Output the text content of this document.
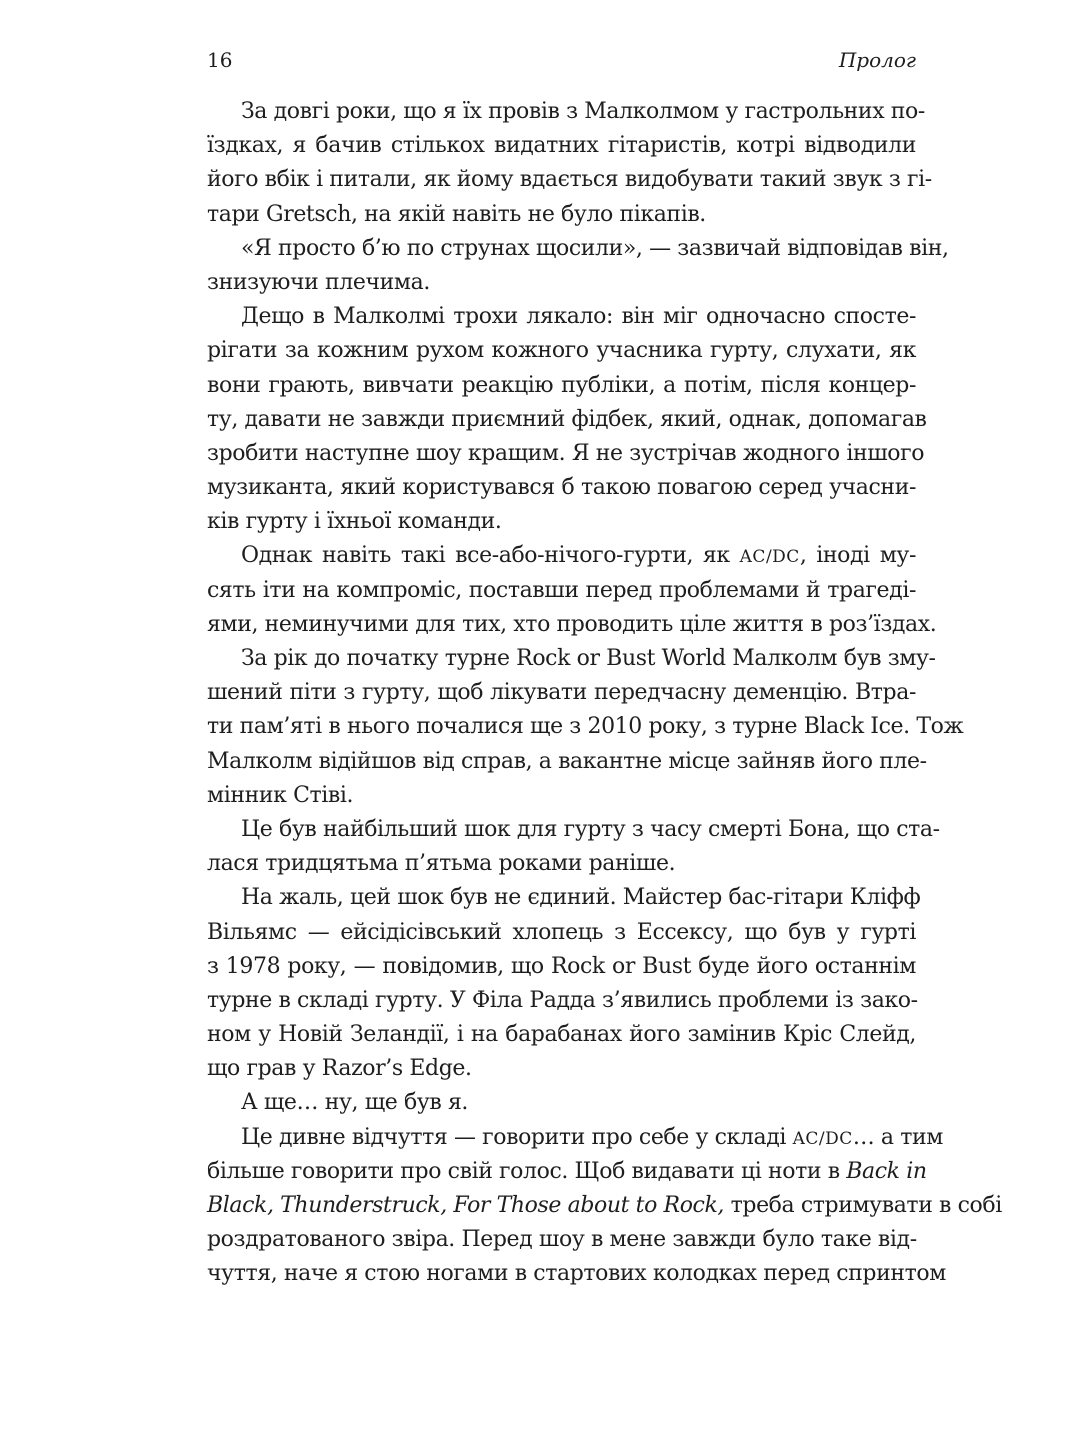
16	Пролог
За довгі роки, що я їх провів з Малколмом у гастрольних по-
їздках, я бачив стількох видатних гітаристів, котрі відводили
його вбік і питали, як йому вдається видобувати такий звук з гі-
тари Gretsch, на якій навіть не було пікапів.
«Я просто б’ю по струнах щосили», — зазвичай відповідав він,
знизуючи плечима.
Дещо в Малколмі трохи лякало: він міг одночасно спосте-
рігати за кожним рухом кожного учасника гурту, слухати, як
вони грають, вивчати реакцію публіки, а потім, після концер-
ту, давати не завжди приємний фідбек, який, однак, допомагав
зробити наступне шоу кращим. Я не зустрічав жодного іншого
музиканта, який користувався б такою повагою серед учасни-
ків гурту і їхньої команди.
Однак навіть такі все-або-нічого-гурти, як AC/DC, іноді му-
сять іти на компроміс, поставши перед проблемами й трагеді-
ями, неминучими для тих, хто проводить ціле життя в роз’їздах.
За рік до початку турне Rock or Bust World Малколм був зму-
шений піти з гурту, щоб лікувати передчасну деменцію. Втра-
ти пам’яті в нього почалися ще з 2010 року, з турне Black Ice. Тож
Малколм відійшов від справ, а вакантне місце зайняв його пле-
мінник Стіві.
Це був найбільший шок для гурту з часу смерті Бона, що ста-
лася тридцятьма п’ятьма роками раніше.
На жаль, цей шок був не єдиний. Майстер бас-гітари Кліфф
Вільямс — ейсідісівський хлопець з Ессексу, що був у гурті
з 1978 року, — повідомив, що Rock or Bust буде його останнім
турне в складі гурту. У Філа Радда з’явились проблеми із зако-
ном у Новій Зеландії, і на барабанах його замінив Кріс Слейд,
що грав у Razor’s Edge.
А ще… ну, ще був я.
Це дивне відчуття — говорити про себе у складі AC/DC… а тим
більше говорити про свій голос. Щоб видавати ці ноти в Back in
Black, Thunderstruck, For Those about to Rock, треба стримувати в собі
роздратованого звіра. Перед шоу в мене завжди було таке від-
чуття, наче я стою ногами в стартових колодках перед спринтом
